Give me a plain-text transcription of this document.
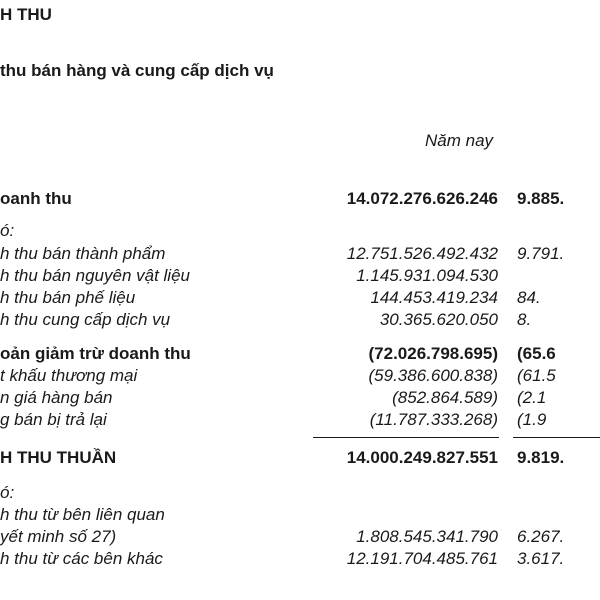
H THU
thu bán hàng và cung cấp dịch vụ
Năm nay
oanh thu	14.072.276.626.246 9.885.
ó:
h thu bán thành phẩm	12.751.526.492.432 9.791.
h thu bán nguyên vật liệu	1.145.931.094.530
h thu bán phế liệu	144.453.419.234 84.
h thu cung cấp dịch vụ	30.365.620.050 8.
oản giảm trừ doanh thu	(72.026.798.695) (65.6
t khấu thương mại	(59.386.600.838) (61.5
n giá hàng bán	(852.864.589) (2.1
g bán bị trả lại	(11.787.333.268) (1.9
H THU THUẦN	14.000.249.827.551 9.819.
ó:
h thu từ bên liên quan
yết minh số 27)	1.808.545.341.790 6.267.
h thu từ các bên khác	12.191.704.485.761 3.617.
